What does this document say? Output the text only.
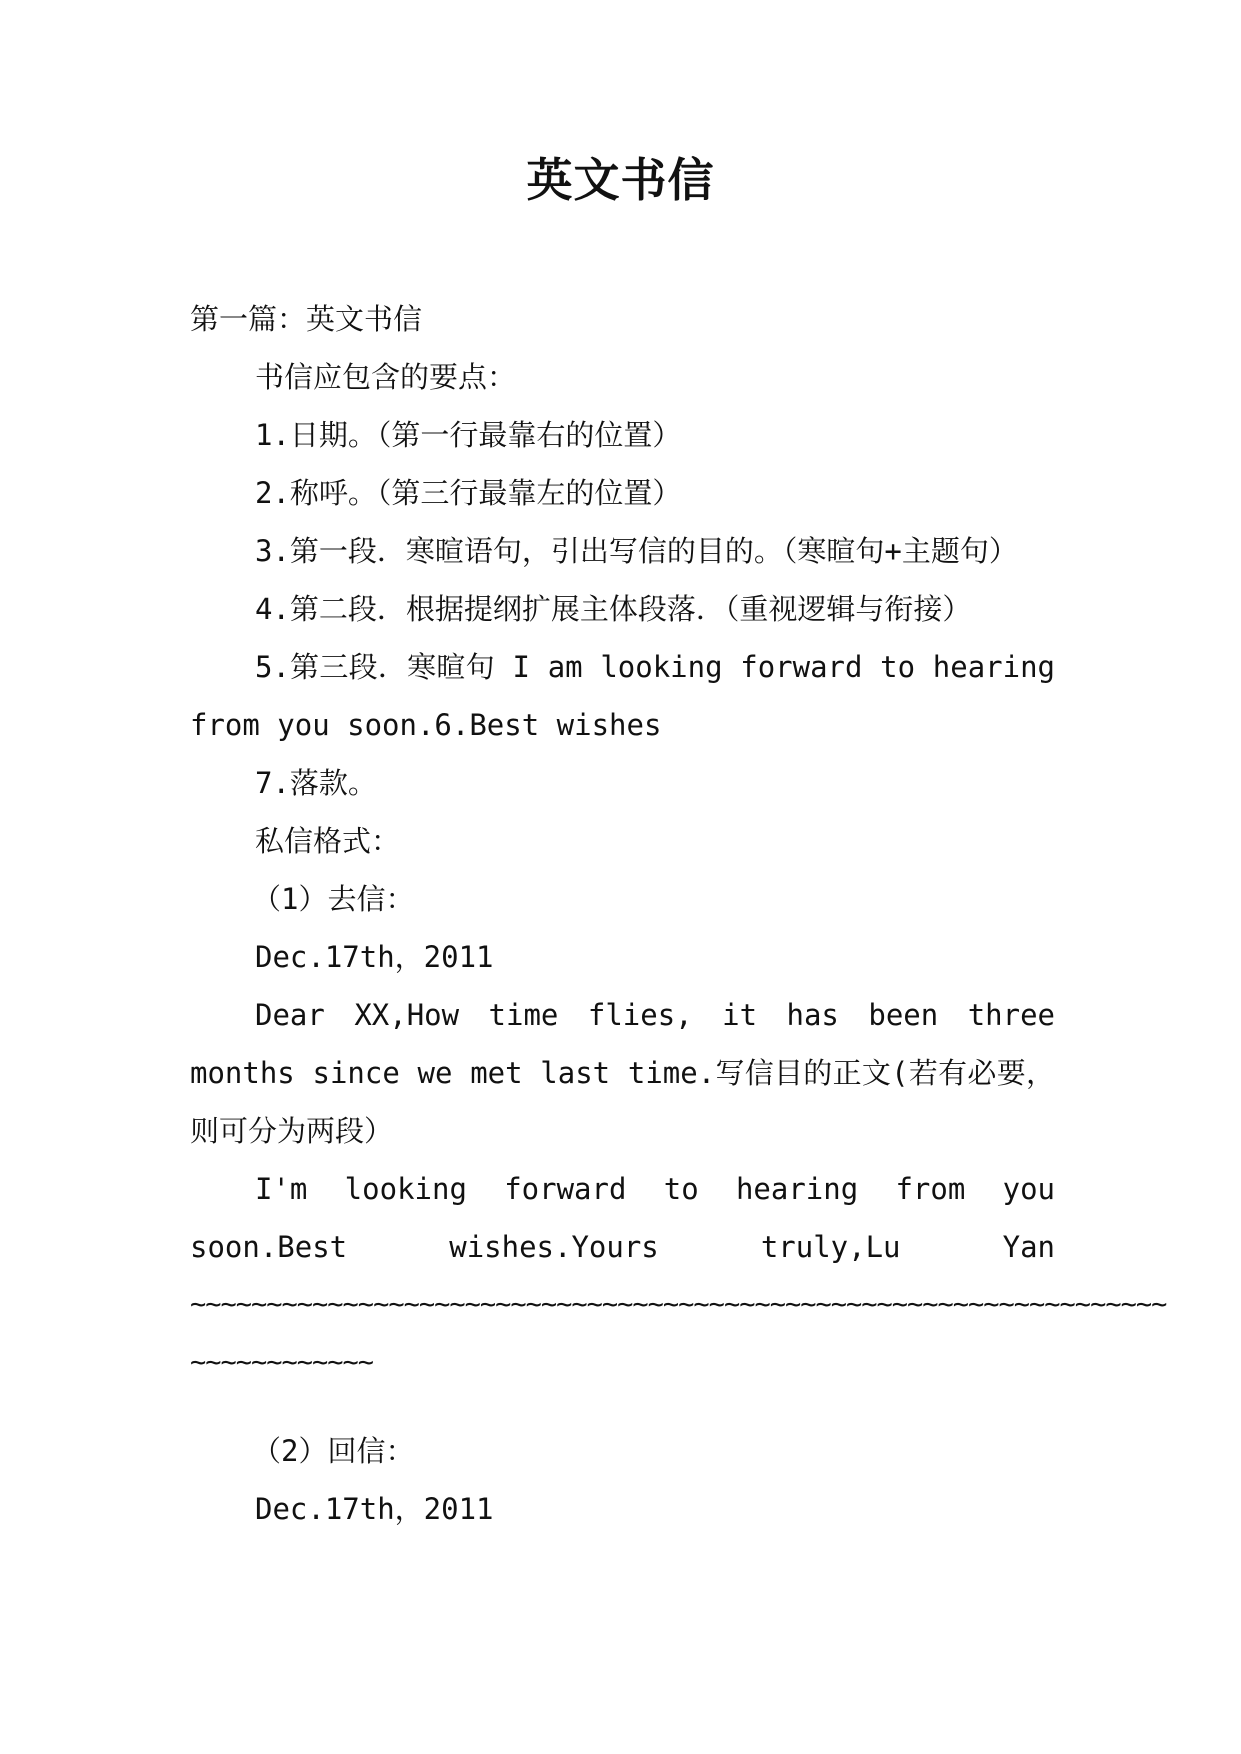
英文书信

第一篇：英文书信

书信应包含的要点：

1.日期。（第一行最靠右的位置）

2.称呼。（第三行最靠左的位置）

3.第一段．寒暄语句，引出写信的目的。（寒暄句+主题句）

4.第二段．根据提纲扩展主体段落．（重视逻辑与衔接）

5.第三段．寒暄句 I am looking forward to hearing from you soon.6.Best wishes

7.落款。

私信格式：

（1）去信：

Dec.17th，2011

Dear XX,How time flies, it has been three months since we met last time.写信目的正文(若有必要，则可分为两段）

I'm looking forward to hearing from you soon.Best wishes.Yours truly,Lu Yan

~~~~~~~~~~~~~~~~~~~~~~~~~~~~~~~~~~~~~~~~~~~~~~~~~~~~~~~~~~~~~~~~

~~~~~~~~~~~~

（2）回信：

Dec.17th，2011
